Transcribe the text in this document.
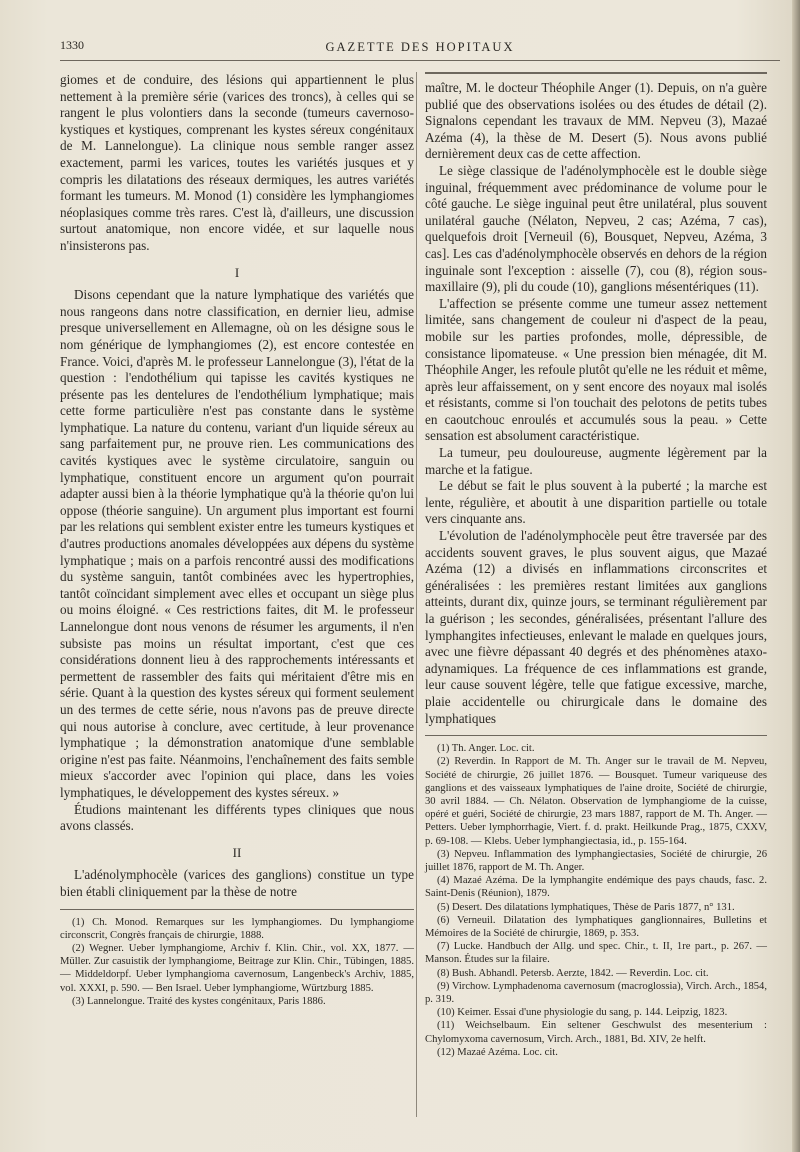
1330	GAZETTE DES HOPITAUX

giomes et de conduire, des lésions qui appartiennent le plus nettement à la première série (varices des troncs), à celles qui se rangent le plus volontiers dans la seconde (tumeurs cavernoso-kystiques et kystiques, comprenant les kystes séreux congénitaux de M. Lannelongue). La clinique nous semble ranger assez exactement, parmi les varices, toutes les variétés jusques et y compris les dilatations des réseaux dermiques, les autres variétés formant les tumeurs. M. Monod (1) considère les lymphangiomes néoplasiques comme très rares. C'est là, d'ailleurs, une discussion surtout anatomique, non encore vidée, et sur laquelle nous n'insisterons pas.

I

Disons cependant que la nature lymphatique des variétés que nous rangeons dans notre classification, en dernier lieu, admise presque universellement en Allemagne, où on les désigne sous le nom générique de lymphangiomes (2), est encore contestée en France. Voici, d'après M. le professeur Lannelongue (3), l'état de la question : l'endothélium qui tapisse les cavités kystiques ne présente pas les dentelures de l'endothélium lymphatique; mais cette forme particulière n'est pas constante dans le système lymphatique. La nature du contenu, variant d'un liquide séreux au sang parfaitement pur, ne prouve rien. Les communications des cavités kystiques avec le système circulatoire, sanguin ou lymphatique, constituent encore un argument qu'on pourrait adapter aussi bien à la théorie lymphatique qu'à la théorie qu'on lui oppose (théorie sanguine). Un argument plus important est fourni par les relations qui semblent exister entre les tumeurs kystiques et d'autres productions anomales développées aux dépens du système lymphatique ; mais on a parfois rencontré aussi des modifications du système sanguin, tantôt combinées avec les hypertrophies, tantôt coïncidant simplement avec elles et occupant un siège plus ou moins éloigné. « Ces restrictions faites, dit M. le professeur Lannelongue dont nous venons de résumer les arguments, il n'en subsiste pas moins un résultat important, c'est que ces considérations donnent lieu à des rapprochements intéressants et permettent de rassembler des faits qui méritaient d'être mis en série. Quant à la question des kystes séreux qui forment seulement un des termes de cette série, nous n'avons pas de preuve directe qui nous autorise à conclure, avec certitude, à leur provenance lymphatique ; la démonstration anatomique d'une semblable origine n'est pas faite. Néanmoins, l'enchaînement des faits semble mieux s'accorder avec l'opinion qui place, dans les voies lymphatiques, le développement des kystes séreux. »

Étudions maintenant les différents types cliniques que nous avons classés.

II

L'adénolymphocèle (varices des ganglions) constitue un type bien établi cliniquement par la thèse de notre

(1) Ch. Monod. Remarques sur les lymphangiomes. Du lymphangiome circonscrit, Congrès français de chirurgie, 1888.
(2) Wegner. Ueber lymphangiome, Archiv f. Klin. Chir., vol. XX, 1877. — Müller. Zur casuistik der lymphangiome, Beitrage zur Klin. Chir., Tübingen, 1885. — Middeldorpf. Ueber lymphangioma cavernosum, Langenbeck's Archiv, 1885, vol. XXXI, p. 590. — Ben Israel. Ueber lymphangiome, Würtzburg 1885.
(3) Lannelongue. Traité des kystes congénitaux, Paris 1886.

maître, M. le docteur Théophile Anger (1). Depuis, on n'a guère publié que des observations isolées ou des études de détail (2). Signalons cependant les travaux de MM. Nepveu (3), Mazaé Azéma (4), la thèse de M. Desert (5). Nous avons publié dernièrement deux cas de cette affection.

Le siège classique de l'adénolymphocèle est le double siège inguinal, fréquemment avec prédominance de volume pour le côté gauche. Le siège inguinal peut être unilatéral, plus souvent unilatéral gauche (Nélaton, Nepveu, 2 cas; Azéma, 7 cas), quelquefois droit [Verneuil (6), Bousquet, Nepveu, Azéma, 3 cas]. Les cas d'adénolymphocèle observés en dehors de la région inguinale sont l'exception : aisselle (7), cou (8), région sous-maxillaire (9), pli du coude (10), ganglions mésentériques (11).

L'affection se présente comme une tumeur assez nettement limitée, sans changement de couleur ni d'aspect de la peau, mobile sur les parties profondes, molle, dépressible, de consistance lipomateuse. « Une pression bien ménagée, dit M. Théophile Anger, les refoule plutôt qu'elle ne les réduit et même, après leur affaissement, on y sent encore des noyaux mal isolés et résistants, comme si l'on touchait des pelotons de petits tubes en caoutchouc enroulés et accumulés sous la peau. » Cette sensation est absolument caractéristique.

La tumeur, peu douloureuse, augmente légèrement par la marche et la fatigue.

Le début se fait le plus souvent à la puberté ; la marche est lente, régulière, et aboutit à une disparition partielle ou totale vers cinquante ans.

L'évolution de l'adénolymphocèle peut être traversée par des accidents souvent graves, le plus souvent aigus, que Mazaé Azéma (12) a divisés en inflammations circonscrites et généralisées : les premières restant limitées aux ganglions atteints, durant dix, quinze jours, se terminant régulièrement par la guérison ; les secondes, généralisées, présentant l'allure des lymphangites infectieuses, enlevant le malade en quelques jours, avec une fièvre dépassant 40 degrés et des phénomènes ataxo-adynamiques. La fréquence de ces inflammations est grande, leur cause souvent légère, telle que fatigue excessive, marche, plaie accidentelle ou chirurgicale dans le domaine des lymphatiques

(1) Th. Anger. Loc. cit.
(2) Reverdin. In Rapport de M. Th. Anger sur le travail de M. Nepveu, Société de chirurgie, 26 juillet 1876. — Bousquet. Tumeur variqueuse des ganglions et des vaisseaux lymphatiques de l'aine droite, Société de chirurgie, 30 avril 1884. — Ch. Nélaton. Observation de lymphangiome de la cuisse, opéré et guéri, Société de chirurgie, 23 mars 1887, rapport de M. Th. Anger. — Petters. Ueber lymphorrhagie, Viert. f. d. prakt. Heilkunde Prag., 1875, CXXV, p. 69-108. — Klebs. Ueber lymphangiectasia, id., p. 155-164.
(3) Nepveu. Inflammation des lymphangiectasies, Société de chirurgie, 26 juillet 1876, rapport de M. Th. Anger.
(4) Mazaé Azéma. De la lymphangite endémique des pays chauds, fasc. 2. Saint-Denis (Réunion), 1879.
(5) Desert. Des dilatations lymphatiques, Thèse de Paris 1877, n° 131.
(6) Verneuil. Dilatation des lymphatiques ganglionnaires, Bulletins et Mémoires de la Société de chirurgie, 1869, p. 353.
(7) Lucke. Handbuch der Allg. und spec. Chir., t. II, 1re part., p. 267. — Manson. Études sur la filaire.
(8) Bush. Abhandl. Petersb. Aerzte, 1842. — Reverdin. Loc. cit.
(9) Virchow. Lymphadenoma cavernosum (macroglossia), Virch. Arch., 1854, p. 319.
(10) Keimer. Essai d'une physiologie du sang, p. 144. Leipzig, 1823.
(11) Weichselbaum. Ein seltener Geschwulst des mesenterium : Chylomyxoma cavernosum, Virch. Arch., 1881, Bd. XIV, 2e helft.
(12) Mazaé Azéma. Loc. cit.
